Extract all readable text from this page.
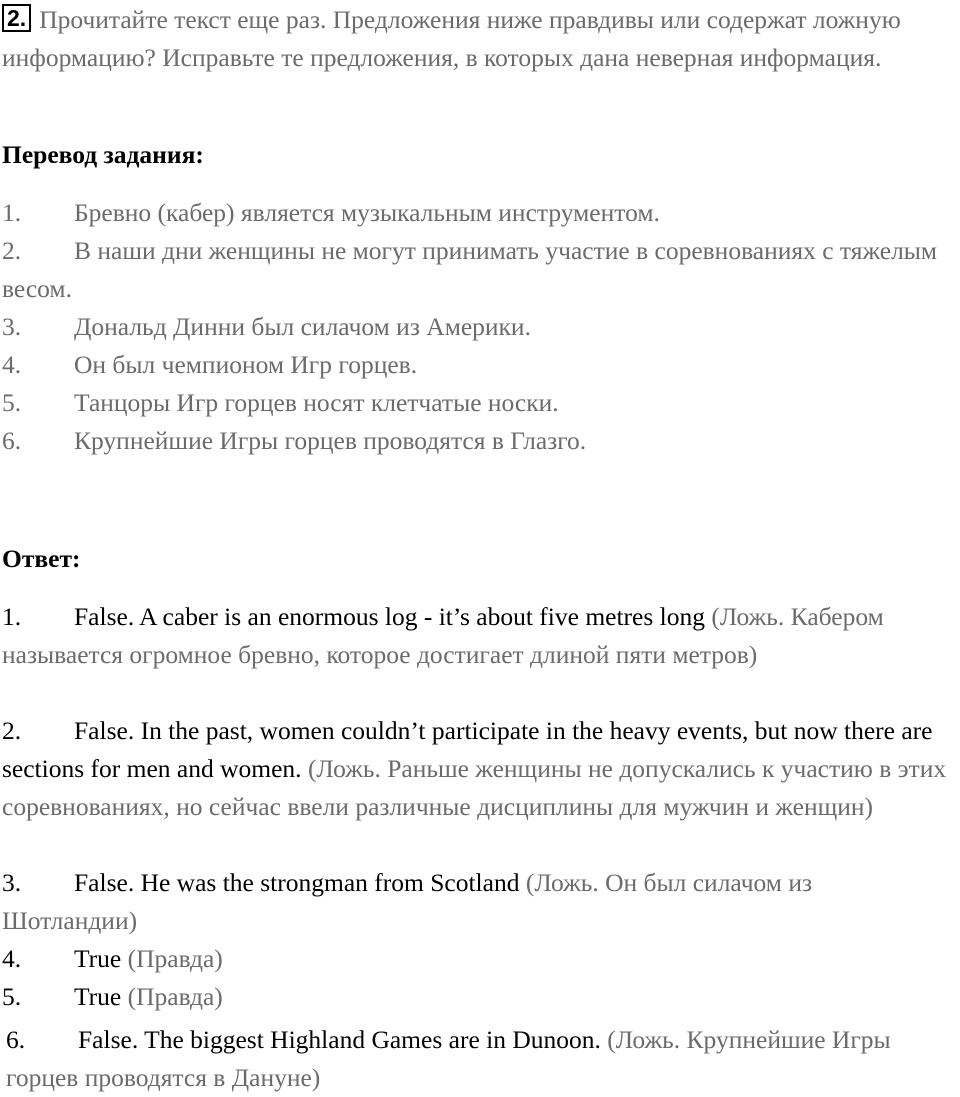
2. Прочитайте текст еще раз. Предложения ниже правдивы или содержат ложную информацию? Исправьте те предложения, в которых дана неверная информация.
Перевод задания:
1. Бревно (кабер) является музыкальным инструментом.
2. В наши дни женщины не могут принимать участие в соревнованиях с тяжелым весом.
3. Дональд Динни был силачом из Америки.
4. Он был чемпионом Игр горцев.
5. Танцоры Игр горцев носят клетчатые носки.
6. Крупнейшие Игры горцев проводятся в Глазго.
Ответ:
1. False. A caber is an enormous log - it’s about five metres long (Ложь. Кабером называется огромное бревно, которое достигает длиной пяти метров)
2. False. In the past, women couldn’t participate in the heavy events, but now there are sections for men and women. (Ложь. Раньше женщины не допускались к участию в этих соревнованиях, но сейчас ввели различные дисциплины для мужчин и женщин)
3. False. He was the strongman from Scotland (Ложь. Он был силачом из Шотландии)
4. True (Правда)
5. True (Правда)
6. False. The biggest Highland Games are in Dunoon. (Ложь. Крупнейшие Игры горцев проводятся в Дануне)
